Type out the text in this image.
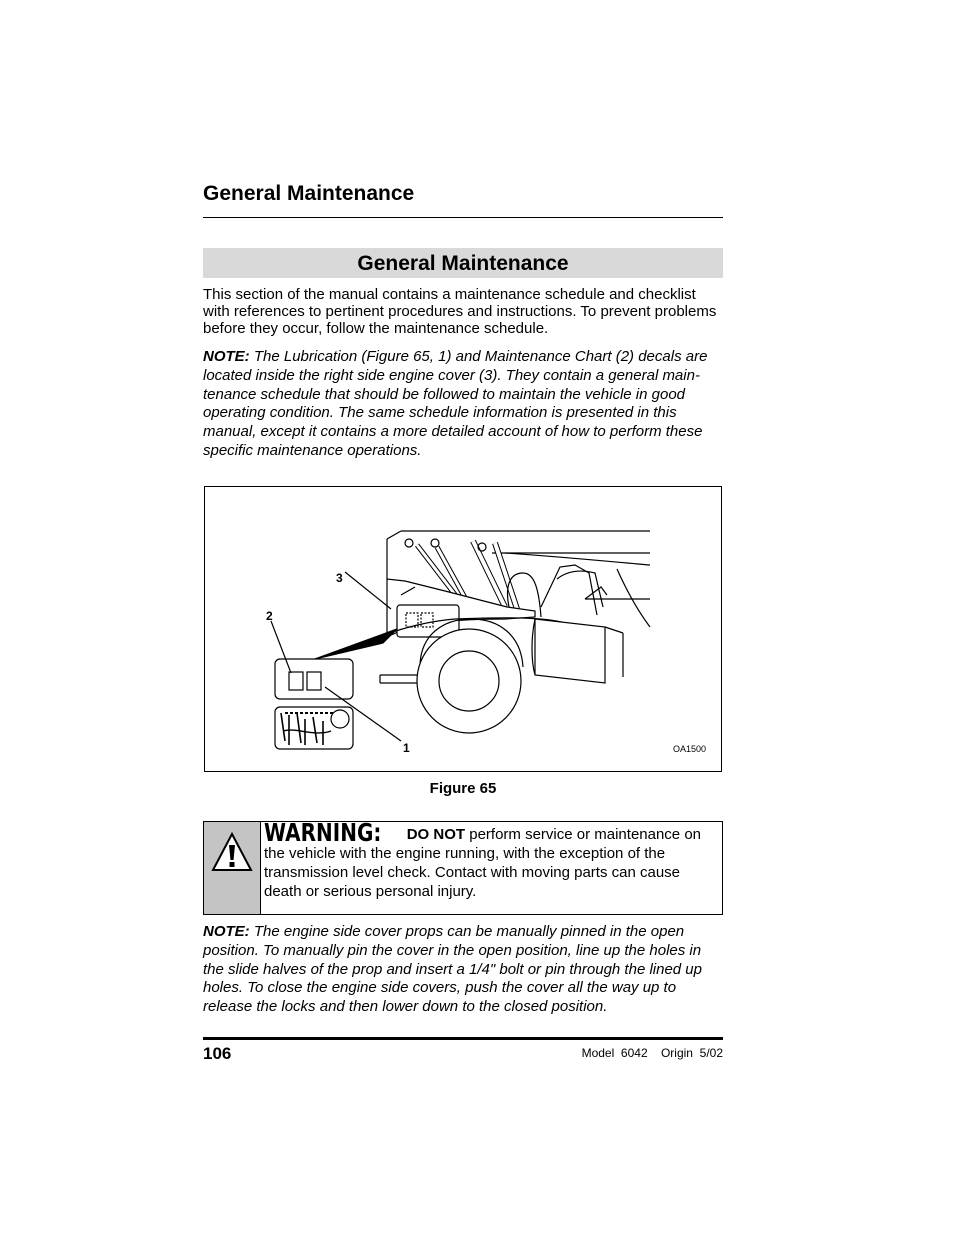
General Maintenance
General Maintenance

This section of the manual contains a maintenance schedule and checklist with references to pertinent procedures and instructions. To prevent problems before they occur, follow the maintenance schedule.

NOTE: The Lubrication (Figure 65, 1) and Maintenance Chart (2) decals are located inside the right side engine cover (3). They contain a general main-tenance schedule that should be followed to maintain the vehicle in good operating condition. The same schedule information is presented in this manual, except it contains a more detailed account of how to perform these specific maintenance operations.

3
2
1	OA1500
Figure 65
WARNING: DO NOT perform service or maintenance on the vehicle with the engine running, with the exception of the transmission level check. Contact with moving parts can cause death or serious personal injury.

NOTE: The engine side cover props can be manually pinned in the open position. To manually pin the cover in the open position, line up the holes in the slide halves of the prop and insert a 1/4" bolt or pin through the lined up holes. To close the engine side covers, push the cover all the way up to release the locks and then lower down to the closed position.

106	Model  6042    Origin  5/02
